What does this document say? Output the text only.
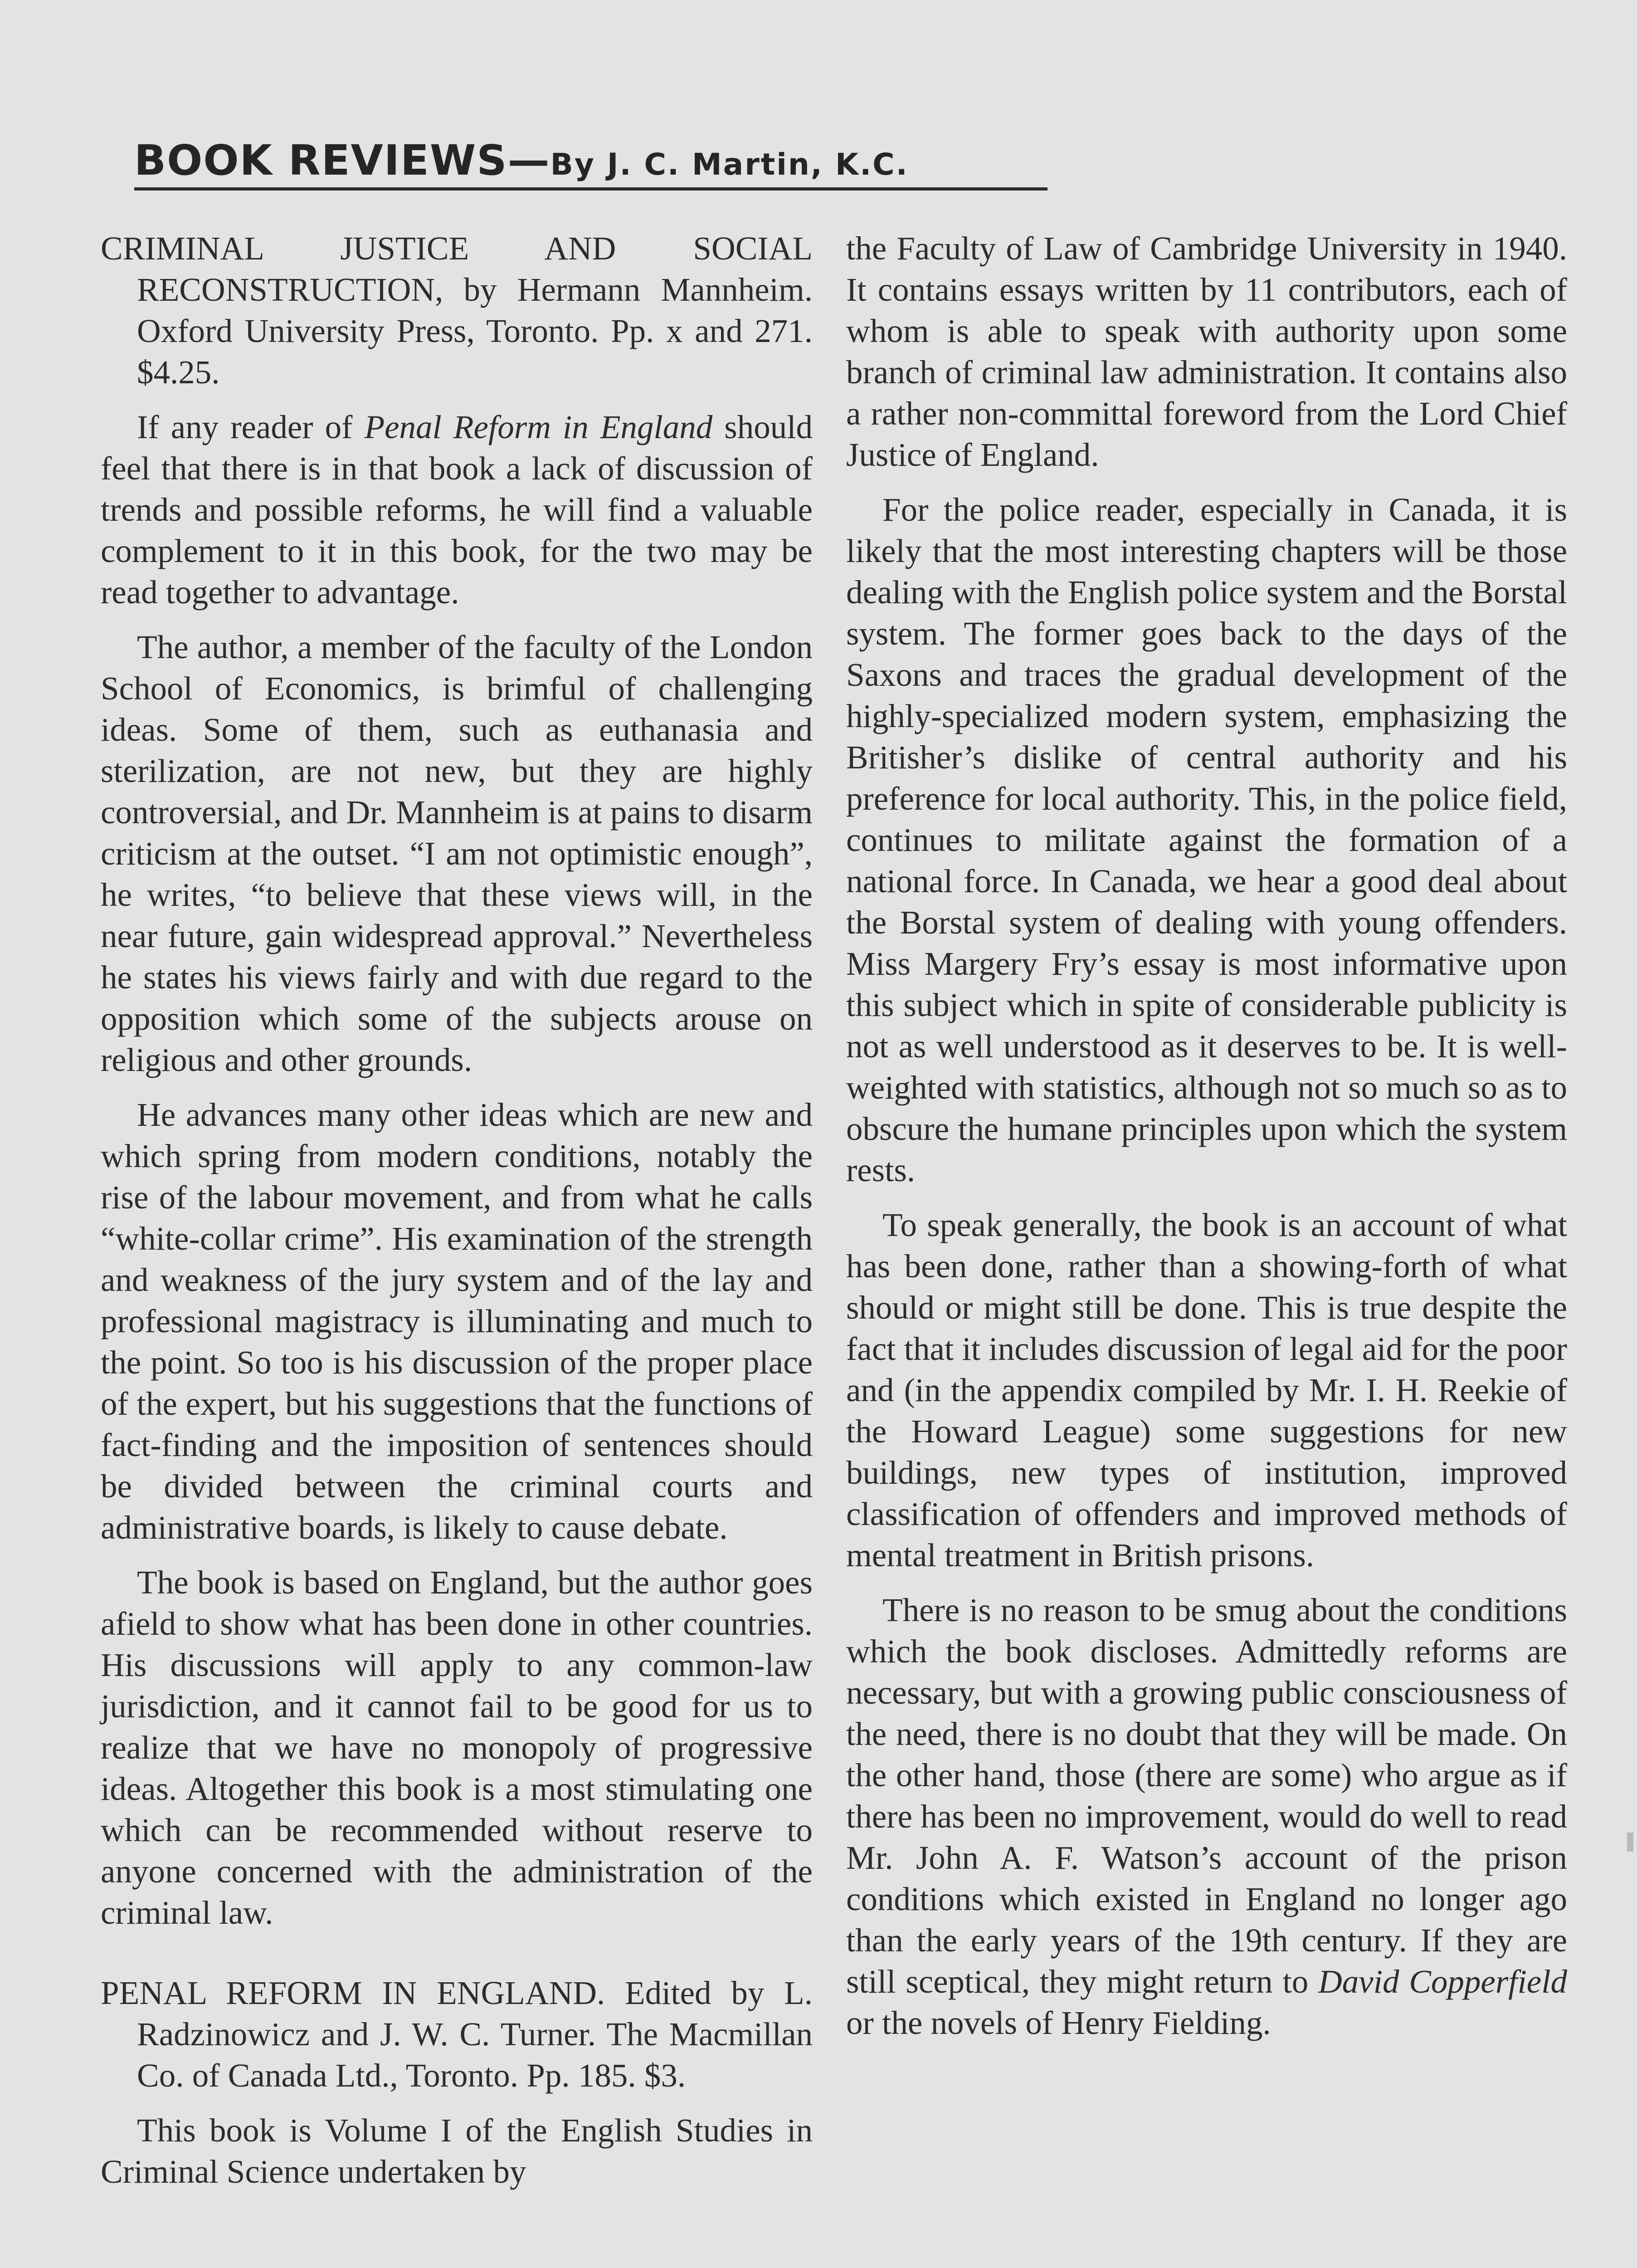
BOOK REVIEWS—By J. C. Martin, K.C.

CRIMINAL JUSTICE AND SOCIAL RECONSTRUCTION, by Hermann Mannheim. Oxford University Press, Toronto. Pp. x and 271. $4.25.

If any reader of Penal Reform in England should feel that there is in that book a lack of discussion of trends and possible reforms, he will find a valuable complement to it in this book, for the two may be read together to advantage.

The author, a member of the faculty of the London School of Economics, is brimful of challenging ideas. Some of them, such as euthanasia and sterilization, are not new, but they are highly controversial, and Dr. Mannheim is at pains to disarm criticism at the outset. “I am not optimistic enough”, he writes, “to believe that these views will, in the near future, gain widespread approval.” Nevertheless he states his views fairly and with due regard to the opposition which some of the subjects arouse on religious and other grounds.

He advances many other ideas which are new and which spring from modern conditions, notably the rise of the labour movement, and from what he calls “white-collar crime”. His examination of the strength and weakness of the jury system and of the lay and professional magistracy is illuminating and much to the point. So too is his discussion of the proper place of the expert, but his suggestions that the functions of fact-finding and the imposition of sentences should be divided between the criminal courts and administrative boards, is likely to cause debate.

The book is based on England, but the author goes afield to show what has been done in other countries. His discussions will apply to any common-law jurisdiction, and it cannot fail to be good for us to realize that we have no monopoly of progressive ideas. Altogether this book is a most stimulating one which can be recommended without reserve to anyone concerned with the administration of the criminal law.

PENAL REFORM IN ENGLAND. Edited by L. Radzinowicz and J. W. C. Turner. The Macmillan Co. of Canada Ltd., Toronto. Pp. 185. $3.

This book is Volume I of the English Studies in Criminal Science undertaken by

the Faculty of Law of Cambridge University in 1940. It contains essays written by 11 contributors, each of whom is able to speak with authority upon some branch of criminal law administration. It contains also a rather non-committal foreword from the Lord Chief Justice of England.

For the police reader, especially in Canada, it is likely that the most interesting chapters will be those dealing with the English police system and the Borstal system. The former goes back to the days of the Saxons and traces the gradual development of the highly-specialized modern system, emphasizing the Britisher’s dislike of central authority and his preference for local authority. This, in the police field, continues to militate against the formation of a national force. In Canada, we hear a good deal about the Borstal system of dealing with young offenders. Miss Margery Fry’s essay is most informative upon this subject which in spite of considerable publicity is not as well understood as it deserves to be. It is well-weighted with statistics, although not so much so as to obscure the humane principles upon which the system rests.

To speak generally, the book is an account of what has been done, rather than a showing-forth of what should or might still be done. This is true despite the fact that it includes discussion of legal aid for the poor and (in the appendix compiled by Mr. I. H. Reekie of the Howard League) some suggestions for new buildings, new types of institution, improved classification of offenders and improved methods of mental treatment in British prisons.

There is no reason to be smug about the conditions which the book discloses. Admittedly reforms are necessary, but with a growing public consciousness of the need, there is no doubt that they will be made. On the other hand, those (there are some) who argue as if there has been no improvement, would do well to read Mr. John A. F. Watson’s account of the prison conditions which existed in England no longer ago than the early years of the 19th century. If they are still sceptical, they might return to David Copperfield or the novels of Henry Fielding.
